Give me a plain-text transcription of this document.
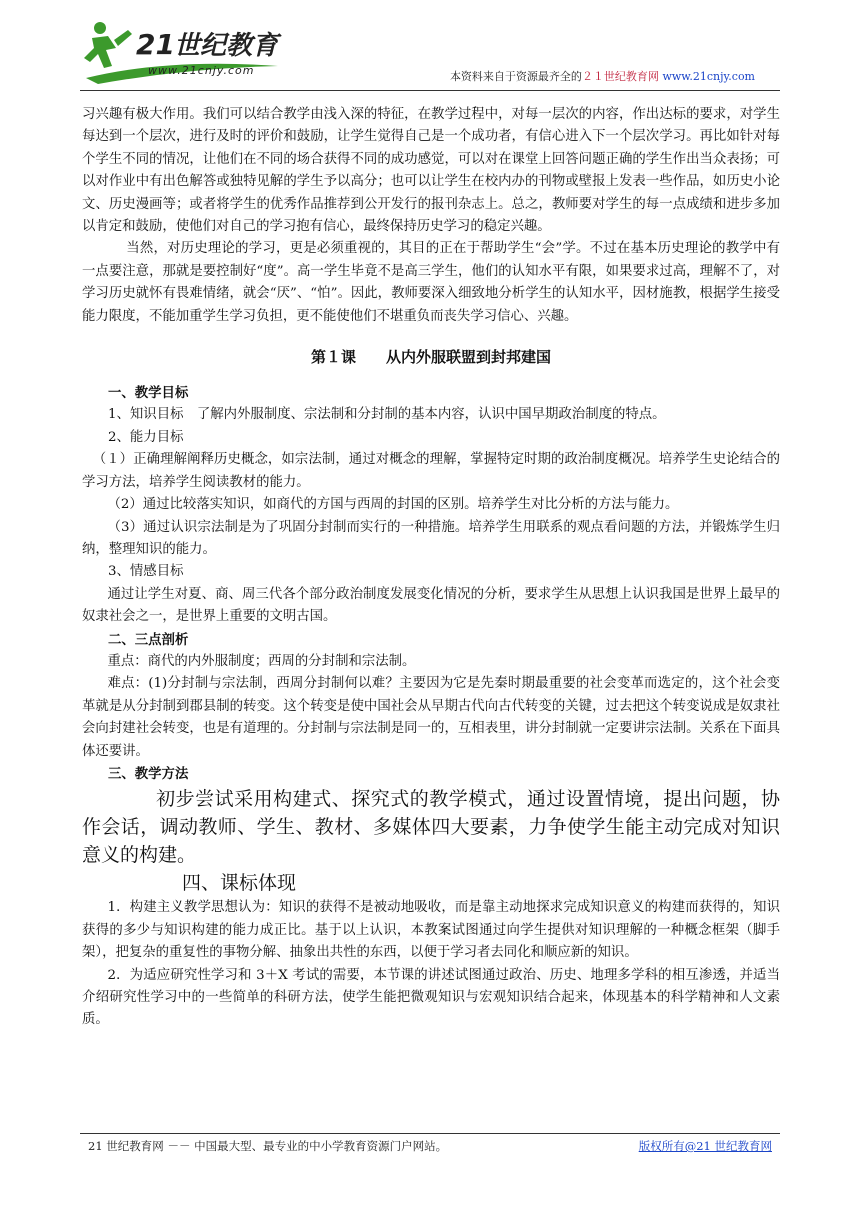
21 世纪教育
www.21cnjy.com	本资料来自于资源最齐全的２１世纪教育网 www.21cnjy.com

习兴趣有极大作用。我们可以结合教学由浅入深的特征，在教学过程中，对每一层次的内容，作出达标的要求，对学生每达到一个层次，进行及时的评价和鼓励，让学生觉得自己是一个成功者，有信心进入下一个层次学习。再比如针对每个学生不同的情况，让他们在不同的场合获得不同的成功感觉，可以对在课堂上回答问题正确的学生作出当众表扬；可以对作业中有出色解答或独特见解的学生予以高分；也可以让学生在校内办的刊物或壁报上发表一些作品，如历史小论文、历史漫画等；或者将学生的优秀作品推荐到公开发行的报刊杂志上。总之，教师要对学生的每一点成绩和进步多加以肯定和鼓励，使他们对自己的学习抱有信心，最终保持历史学习的稳定兴趣。

当然，对历史理论的学习，更是必须重视的，其目的正在于帮助学生“会”学。不过在基本历史理论的教学中有一点要注意，那就是要控制好“度”。高一学生毕竟不是高三学生，他们的认知水平有限，如果要求过高，理解不了，对学习历史就怀有畏难情绪，就会“厌”、“怕”。因此，教师要深入细致地分析学生的认知水平，因材施教，根据学生接受能力限度，不能加重学生学习负担，更不能使他们不堪重负而丧失学习信心、兴趣。

第１课　　从内外服联盟到封邦建国

一、教学目标

1、知识目标　了解内外服制度、宗法制和分封制的基本内容，认识中国早期政治制度的特点。

2、能力目标

（１）正确理解阐释历史概念，如宗法制，通过对概念的理解，掌握特定时期的政治制度概况。培养学生史论结合的学习方法，培养学生阅读教材的能力。

（2）通过比较落实知识，如商代的方国与西周的封国的区别。培养学生对比分析的方法与能力。

（3）通过认识宗法制是为了巩固分封制而实行的一种措施。培养学生用联系的观点看问题的方法，并锻炼学生归纳，整理知识的能力。

3、情感目标

通过让学生对夏、商、周三代各个部分政治制度发展变化情况的分析，要求学生从思想上认识我国是世界上最早的奴隶社会之一，是世界上重要的文明古国。

二、三点剖析

重点：商代的内外服制度；西周的分封制和宗法制。

难点：(1)分封制与宗法制，西周分封制何以难？主要因为它是先秦时期最重要的社会变革而选定的，这个社会变革就是从分封制到郡县制的转变。这个转变是使中国社会从早期古代向古代转变的关键，过去把这个转变说成是奴隶社会向封建社会转变，也是有道理的。分封制与宗法制是同一的，互相表里，讲分封制就一定要讲宗法制。关系在下面具体还要讲。

三、教学方法

初步尝试采用构建式、探究式的教学模式，通过设置情境，提出问题，协作会话，调动教师、学生、教材、多媒体四大要素，力争使学生能主动完成对知识意义的构建。

四、课标体现

1．构建主义教学思想认为：知识的获得不是被动地吸收，而是靠主动地探求完成知识意义的构建而获得的，知识获得的多少与知识构建的能力成正比。基于以上认识，本教案试图通过向学生提供对知识理解的一种概念框架（脚手架），把复杂的重复性的事物分解、抽象出共性的东西，以便于学习者去同化和顺应新的知识。

2．为适应研究性学习和 3＋X 考试的需要，本节课的讲述试图通过政治、历史、地理多学科的相互渗透，并适当介绍研究性学习中的一些简单的科研方法，使学生能把微观知识与宏观知识结合起来，体现基本的科学精神和人文素质。

21 世纪教育网 －－ 中国最大型、最专业的中小学教育资源门户网站。	版权所有@21 世纪教育网
